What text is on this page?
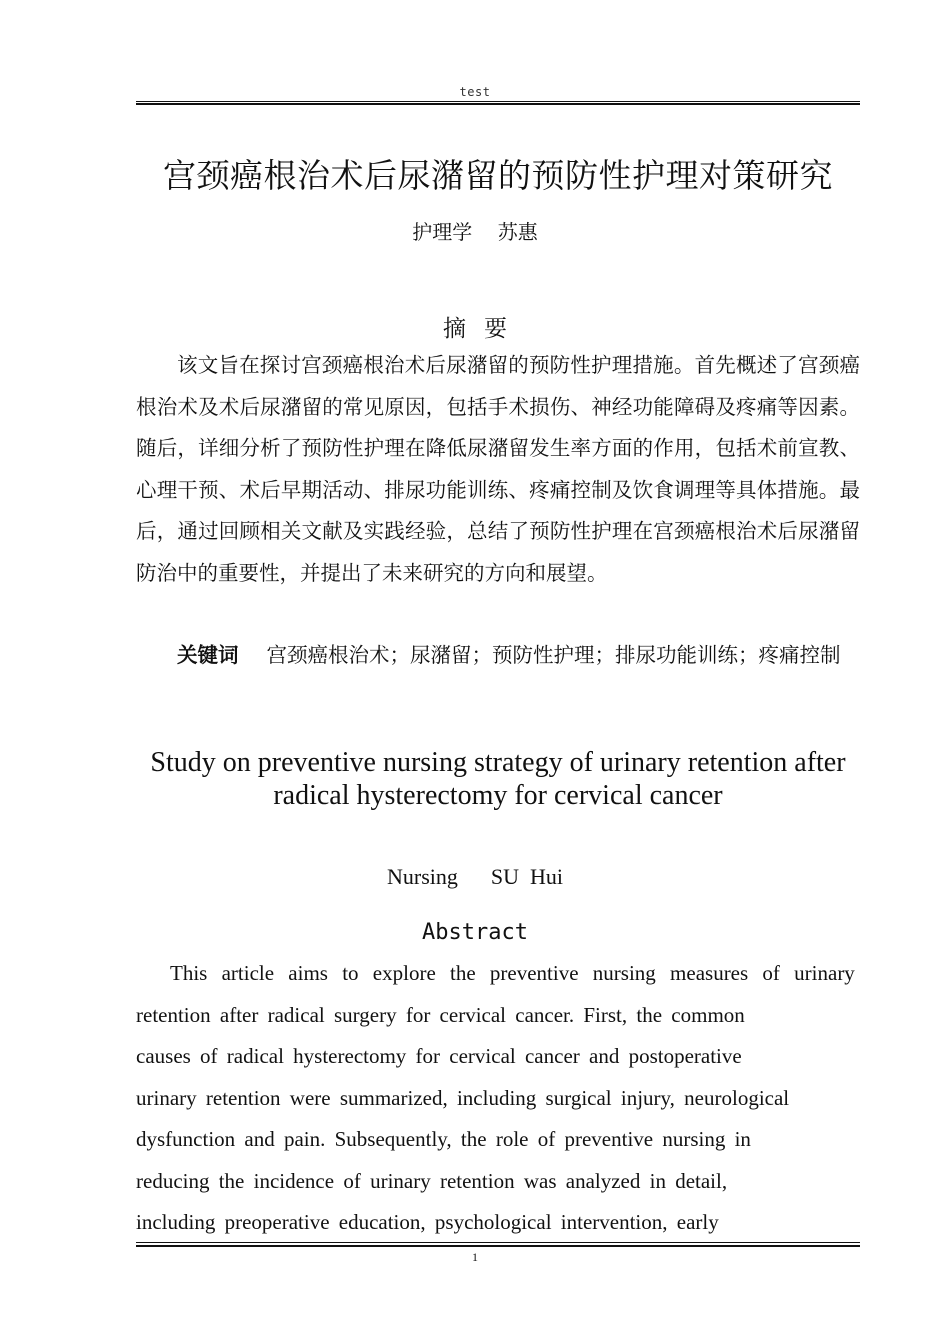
test
宫颈癌根治术后尿潴留的预防性护理对策研究
护理学    苏惠
摘要

该文旨在探讨宫颈癌根治术后尿潴留的预防性护理措施。首先概述了宫颈癌根治术及术后尿潴留的常见原因，包括手术损伤、神经功能障碍及疼痛等因素。随后，详细分析了预防性护理在降低尿潴留发生率方面的作用，包括术前宣教、心理干预、术后早期活动、排尿功能训练、疼痛控制及饮食调理等具体措施。最后，通过回顾相关文献及实践经验，总结了预防性护理在宫颈癌根治术后尿潴留防治中的重要性，并提出了未来研究的方向和展望。

关键词 宫颈癌根治术；尿潴留；预防性护理；排尿功能训练；疼痛控制

Study on preventive nursing strategy of urinary retention after radical hysterectomy for cervical cancer
Nursing      SU  Hui
Abstract
This article aims to explore the preventive nursing measures of urinary
retention after radical surgery for cervical cancer. First, the common
causes of radical hysterectomy for cervical cancer and postoperative
urinary retention were summarized, including surgical injury, neurological
dysfunction and pain. Subsequently, the role of preventive nursing in
reducing the incidence of urinary retention was analyzed in detail,
including preoperative education, psychological intervention, early
1
